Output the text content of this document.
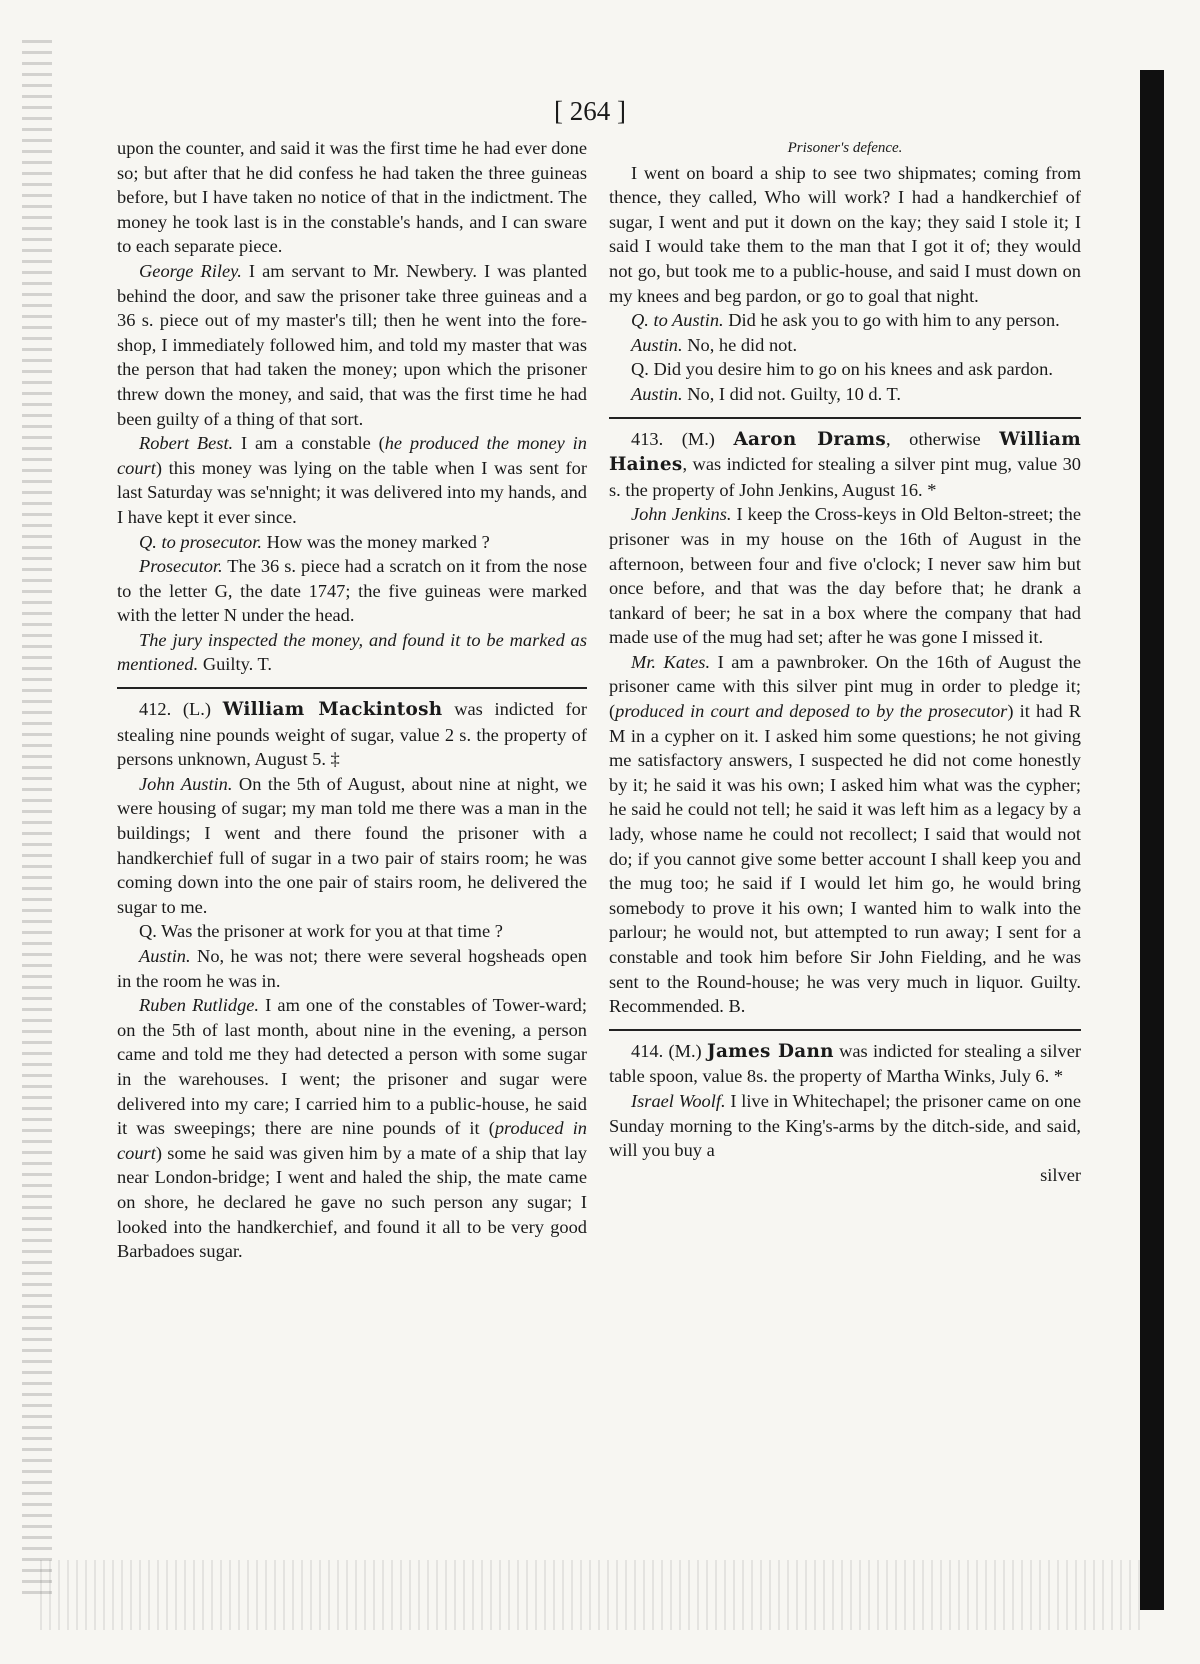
[ 264 ]

upon the counter, and said it was the first time he had ever done so; but after that he did confess he had taken the three guineas before, but I have taken no notice of that in the indictment. The money he took last is in the constable's hands, and I can sware to each separate piece.

George Riley. I am servant to Mr. Newbery. I was planted behind the door, and saw the prisoner take three guineas and a 36 s. piece out of my master's till; then he went into the fore-shop, I immediately followed him, and told my master that was the person that had taken the money; upon which the prisoner threw down the money, and said, that was the first time he had been guilty of a thing of that sort.

Robert Best. I am a constable (he produced the money in court) this money was lying on the table when I was sent for last Saturday was se'nnight; it was delivered into my hands, and I have kept it ever since.

Q. to prosecutor. How was the money marked ?

Prosecutor. The 36 s. piece had a scratch on it from the nose to the letter G, the date 1747; the five guineas were marked with the letter N under the head.

The jury inspected the money, and found it to be marked as mentioned. Guilty. T.

412. (L.) William Mackintosh was indicted for stealing nine pounds weight of sugar, value 2 s. the property of persons unknown, August 5. ‡

John Austin. On the 5th of August, about nine at night, we were housing of sugar; my man told me there was a man in the buildings; I went and there found the prisoner with a handkerchief full of sugar in a two pair of stairs room; he was coming down into the one pair of stairs room, he delivered the sugar to me.

Q. Was the prisoner at work for you at that time ?

Austin. No, he was not; there were several hogsheads open in the room he was in.

Ruben Rutlidge. I am one of the constables of Tower-ward; on the 5th of last month, about nine in the evening, a person came and told me they had detected a person with some sugar in the warehouses. I went; the prisoner and sugar were delivered into my care; I carried him to a public-house, he said it was sweepings; there are nine pounds of it (produced in court) some he said was given him by a mate of a ship that lay near London-bridge; I went and haled the ship, the mate came on shore, he declared he gave no such person any sugar; I looked into the handkerchief, and found it all to be very good Barbadoes sugar.

Prisoner's defence.

I went on board a ship to see two shipmates; coming from thence, they called, Who will work? I had a handkerchief of sugar, I went and put it down on the kay; they said I stole it; I said I would take them to the man that I got it of; they would not go, but took me to a public-house, and said I must down on my knees and beg pardon, or go to goal that night.

Q. to Austin. Did he ask you to go with him to any person.

Austin. No, he did not.

Q. Did you desire him to go on his knees and ask pardon.

Austin. No, I did not. Guilty, 10 d. T.

413. (M.) Aaron Drams, otherwise William Haines, was indicted for stealing a silver pint mug, value 30 s. the property of John Jenkins, August 16. *

John Jenkins. I keep the Cross-keys in Old Belton-street; the prisoner was in my house on the 16th of August in the afternoon, between four and five o'clock; I never saw him but once before, and that was the day before that; he drank a tankard of beer; he sat in a box where the company that had made use of the mug had set; after he was gone I missed it.

Mr. Kates. I am a pawnbroker. On the 16th of August the prisoner came with this silver pint mug in order to pledge it; (produced in court and deposed to by the prosecutor) it had R M in a cypher on it. I asked him some questions; he not giving me satisfactory answers, I suspected he did not come honestly by it; he said it was his own; I asked him what was the cypher; he said he could not tell; he said it was left him as a legacy by a lady, whose name he could not recollect; I said that would not do; if you cannot give some better account I shall keep you and the mug too; he said if I would let him go, he would bring somebody to prove it his own; I wanted him to walk into the parlour; he would not, but attempted to run away; I sent for a constable and took him before Sir John Fielding, and he was sent to the Round-house; he was very much in liquor. Guilty. Recommended. B.

414. (M.) James Dann was indicted for stealing a silver table spoon, value 8s. the property of Martha Winks, July 6. *

Israel Woolf. I live in Whitechapel; the prisoner came on one Sunday morning to the King's-arms by the ditch-side, and said, will you buy a

silver
